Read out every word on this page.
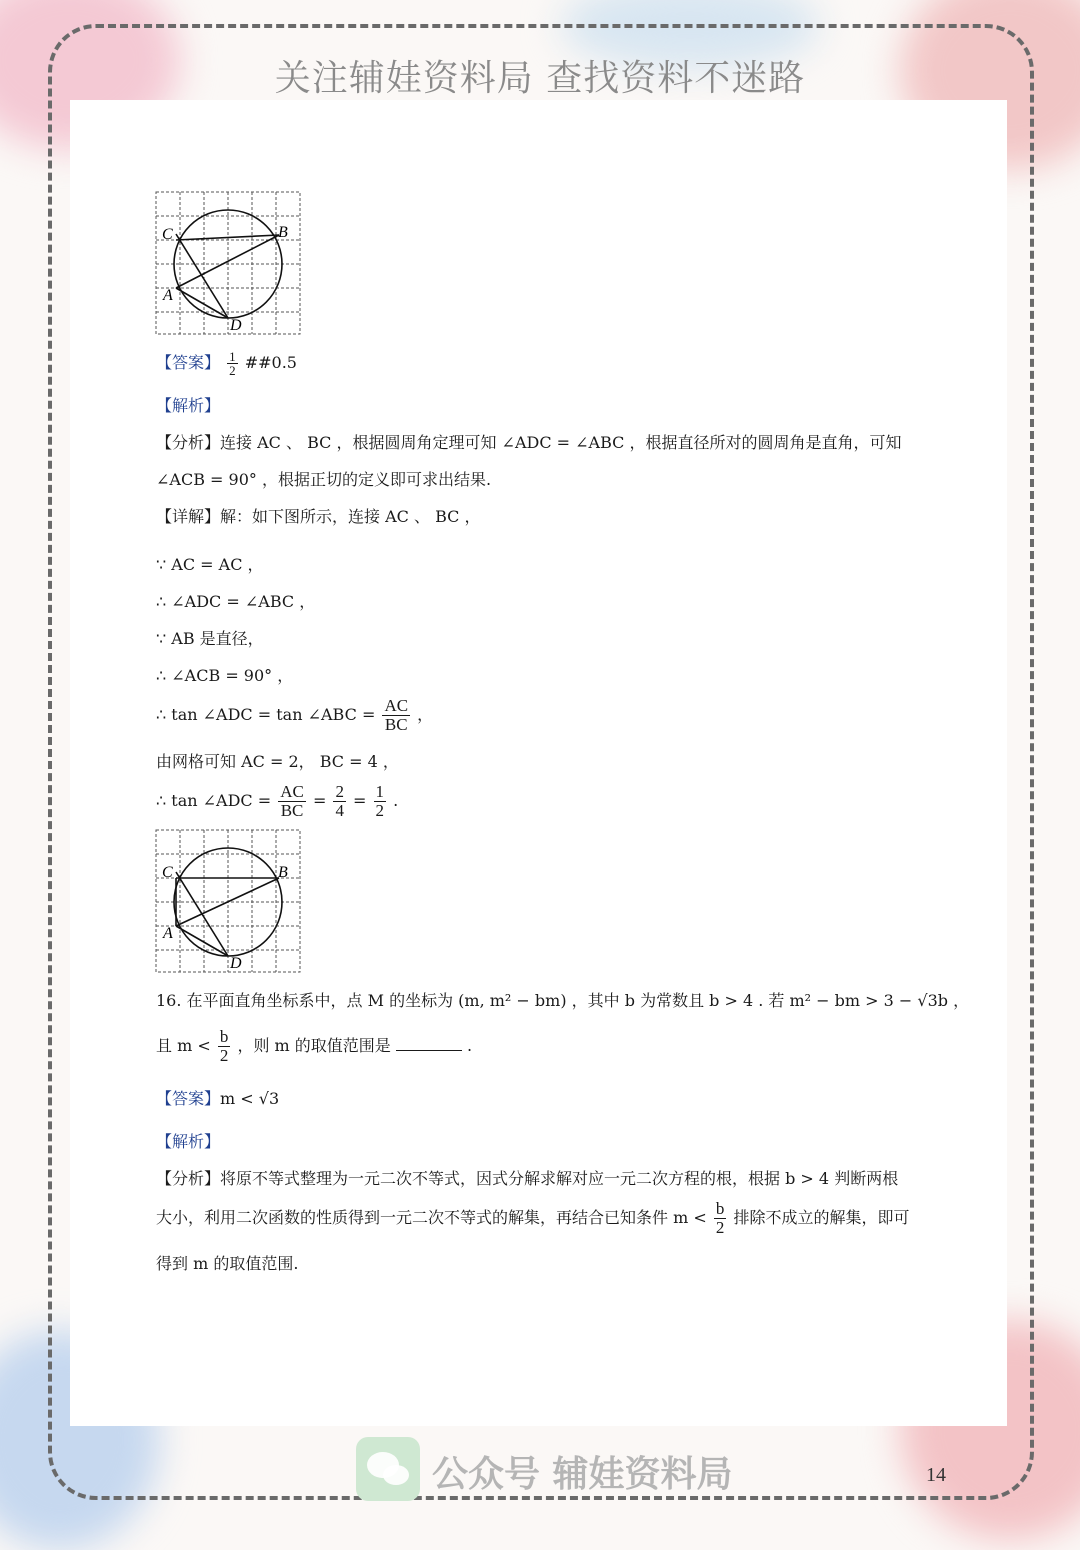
关注辅娃资料局 查找资料不迷路
C	B
A
D
【答案】 $\frac{1}{2}$ ##0.5
【解析】
【分析】连接 AC 、 BC ，根据圆周角定理可知 ∠ADC = ∠ABC ，根据直径所对的圆周角是直角，可知
∠ACB = 90° ，根据正切的定义即可求出结果.
【详解】解：如下图所示，连接 AC 、 BC ，
∵ AC = AC ，
∴ ∠ADC = ∠ABC ，
∵ AB 是直径，
∴ ∠ACB = 90° ，
∴ tan ∠ADC = tan ∠ABC = $\frac{AC}{BC}$ ，
由网格可知 AC = 2， BC = 4 ，
∴ tan ∠ADC = $\frac{AC}{BC} = \frac{2}{4} = \frac{1}{2}$ .
16. 在平面直角坐标系中，点 M 的坐标为 (m, m² − bm) ，其中 b 为常数且 b > 4 . 若 m² − bm > 3 − √3b ，
且 $m < \frac{b}{2}$ ，则 m 的取值范围是	.
【答案】m < √3
【解析】
【分析】将原不等式整理为一元二次不等式，因式分解求解对应一元二次方程的根，根据 b > 4 判断两根
大小，利用二次函数的性质得到一元二次不等式的解集，再结合已知条件 $m < \frac{b}{2}$ 排除不成立的解集，即可
得到 m 的取值范围.
C	B
A
D
公众号 辅娃资料局	14
